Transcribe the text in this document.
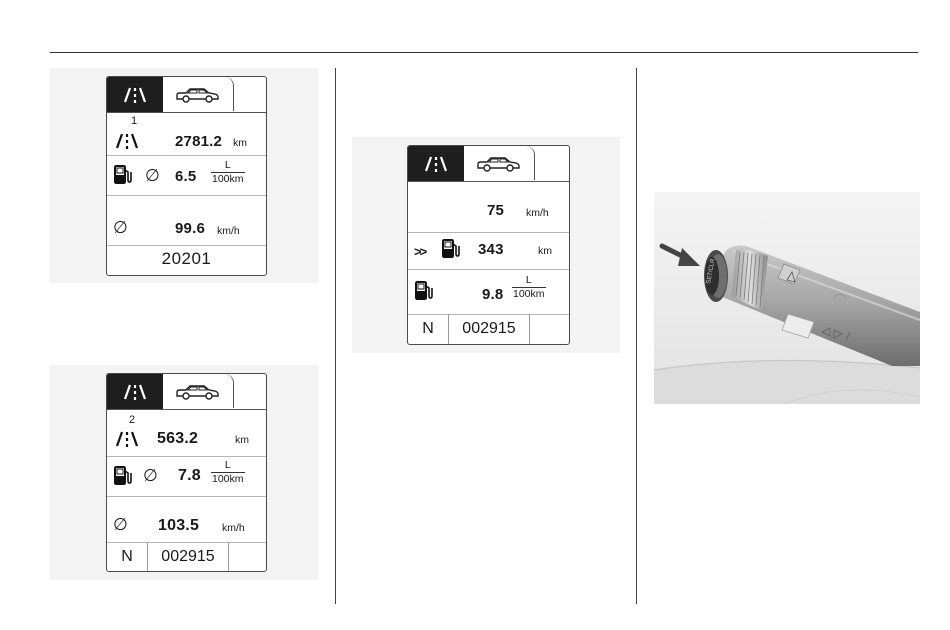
1
2781.2 km
∅ 6.5
L
100km
∅	99.6 km/h
20201
2
563.2	km
∅ 7.8
L
100km
∅ 103.5 km/h
N	002915
75 km/h
>>	343	km
9.8
L
100km
N	002915
SET/CLR
